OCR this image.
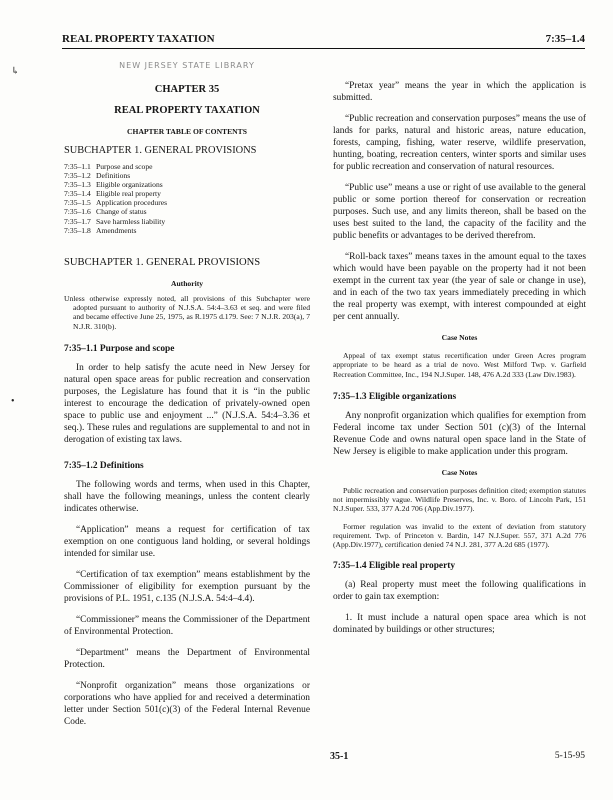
REAL PROPERTY TAXATION	7:35–1.4
↳
•
NEW JERSEY STATE LIBRARY
CHAPTER 35
REAL PROPERTY TAXATION
CHAPTER TABLE OF CONTENTS
SUBCHAPTER 1. GENERAL PROVISIONS
7:35–1.1 Purpose and scope
7:35–1.2 Definitions
7:35–1.3 Eligible organizations
7:35–1.4 Eligible real property
7:35–1.5 Application procedures
7:35–1.6 Change of status
7:35–1.7 Save harmless liability
7:35–1.8 Amendments
SUBCHAPTER 1. GENERAL PROVISIONS
Authority
Unless otherwise expressly noted, all provisions of this Subchapter were adopted pursuant to authority of N.J.S.A. 54:4–3.63 et seq. and were filed and became effective June 25, 1975, as R.1975 d.179. See: 7 N.J.R. 203(a), 7 N.J.R. 310(b).
7:35–1.1 Purpose and scope

In order to help satisfy the acute need in New Jersey for natural open space areas for public recreation and conservation purposes, the Legislature has found that it is “in the public interest to encourage the dedication of privately-owned open space to public use and enjoyment ...” (N.J.S.A. 54:4–3.36 et seq.). These rules and regulations are supplemental to and not in derogation of existing tax laws.

7:35–1.2 Definitions

The following words and terms, when used in this Chapter, shall have the following meanings, unless the content clearly indicates otherwise.

“Application” means a request for certification of tax exemption on one contiguous land holding, or several holdings intended for similar use.

“Certification of tax exemption” means establishment by the Commissioner of eligibility for exemption pursuant by the provisions of P.L. 1951, c.135 (N.J.S.A. 54:4–4.4).

“Commissioner” means the Commissioner of the Department of Environmental Protection.

“Department” means the Department of Environmental Protection.

“Nonprofit organization” means those organizations or corporations who have applied for and received a determination letter under Section 501(c)(3) of the Federal Internal Revenue Code.

“Pretax year” means the year in which the application is submitted.

“Public recreation and conservation purposes” means the use of lands for parks, natural and historic areas, nature education, forests, camping, fishing, water reserve, wildlife preservation, hunting, boating, recreation centers, winter sports and similar uses for public recreation and conservation of natural resources.

“Public use” means a use or right of use available to the general public or some portion thereof for conservation or recreation purposes. Such use, and any limits thereon, shall be based on the uses best suited to the land, the capacity of the facility and the public benefits or advantages to be derived therefrom.

“Roll-back taxes” means taxes in the amount equal to the taxes which would have been payable on the property had it not been exempt in the current tax year (the year of sale or change in use), and in each of the two tax years immediately preceding in which the real property was exempt, with interest compounded at eight per cent annually.

Case Notes
Appeal of tax exempt status recertification under Green Acres program appropriate to be heard as a trial de novo. West Milford Twp. v. Garfield Recreation Committee, Inc., 194 N.J.Super. 148, 476 A.2d 333 (Law Div.1983).
7:35–1.3 Eligible organizations

Any nonprofit organization which qualifies for exemption from Federal income tax under Section 501 (c)(3) of the Internal Revenue Code and owns natural open space land in the State of New Jersey is eligible to make application under this program.

Case Notes
Public recreation and conservation purposes definition cited; exemption statutes not impermissibly vague. Wildlife Preserves, Inc. v. Boro. of Lincoln Park, 151 N.J.Super. 533, 377 A.2d 706 (App.Div.1977).
Former regulation was invalid to the extent of deviation from statutory requirement. Twp. of Princeton v. Bardin, 147 N.J.Super. 557, 371 A.2d 776 (App.Div.1977), certification denied 74 N.J. 281, 377 A.2d 685 (1977).
7:35–1.4 Eligible real property

(a) Real property must meet the following qualifications in order to gain tax exemption:

1. It must include a natural open space area which is not dominated by buildings or other structures;

35-1	5-15-95
